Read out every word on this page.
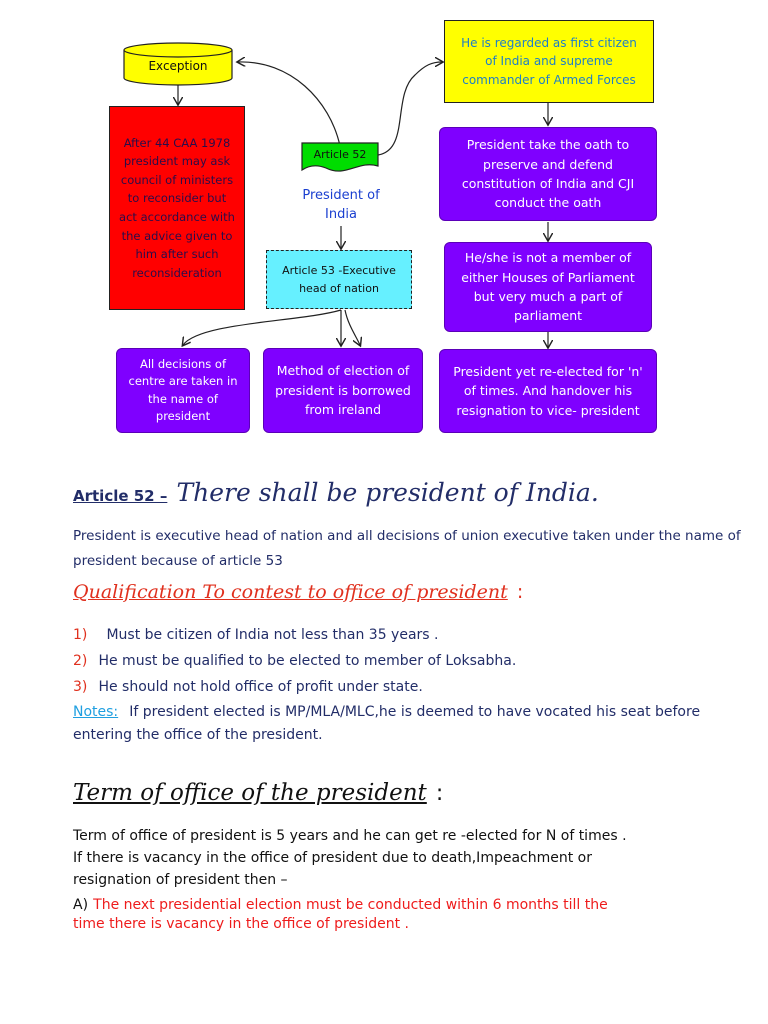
Exception
After 44 CAA 1978 president may ask council of ministers to reconsider but act accordance with the advice given to him after such reconsideration
Article 52
President of India
Article 53 -Executive head of nation
He is regarded as first citizen of India and supreme commander of Armed Forces
President take the oath to preserve and defend constitution of India and CJI conduct the oath
He/she is not a member of either Houses of Parliament but very much a part of parliament
All decisions of centre are taken in the name of president
Method of election of president is borrowed from ireland
President yet re-elected for 'n' of times. And handover his resignation to vice- president
Article 52 – There shall be president of India.
President is executive head of nation and all decisions of union executive taken under the name of
president because of article 53
Qualification To contest to office of president :
1) Must be citizen of India not less than 35 years .
2) He must be qualified to be elected to member of Loksabha.
3) He should not hold office of profit under state.
Notes: If president elected is MP/MLA/MLC,he is deemed to have vocated his seat before
entering the office of the president.
Term of office of the president :
Term of office of president is 5 years and he can get re -elected for N of times .
If there is vacancy in the office of president due to death,Impeachment or
resignation of president then –
A) The next presidential election must be conducted within 6 months till the
time there is vacancy in the office of president .
